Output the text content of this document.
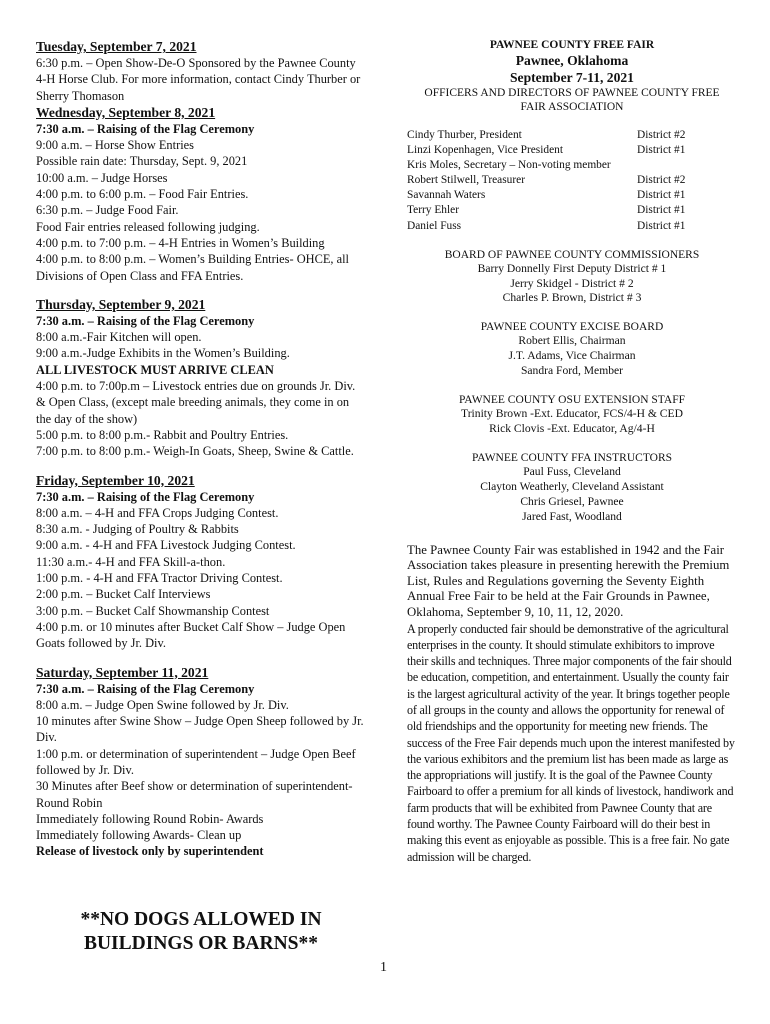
Tuesday, September 7, 2021
6:30 p.m. – Open Show-De-O Sponsored by the Pawnee County 4-H Horse Club. For more information, contact Cindy Thurber or Sherry Thomason
Wednesday, September 8, 2021
7:30 a.m. – Raising of the Flag Ceremony
9:00 a.m. – Horse Show Entries
Possible rain date: Thursday, Sept. 9, 2021
10:00 a.m. – Judge Horses
4:00 p.m. to 6:00 p.m. – Food Fair Entries.
6:30 p.m. – Judge Food Fair.
Food Fair entries released following judging.
4:00 p.m. to 7:00 p.m. – 4-H Entries in Women’s Building
4:00 p.m. to 8:00 p.m. – Women’s Building Entries- OHCE, all Divisions of Open Class and FFA Entries.
Thursday, September 9, 2021
7:30 a.m. – Raising of the Flag Ceremony
8:00 a.m.-Fair Kitchen will open.
9:00 a.m.-Judge Exhibits in the Women’s Building.
ALL LIVESTOCK MUST ARRIVE CLEAN
4:00 p.m. to 7:00p.m – Livestock entries due on grounds Jr. Div. & Open Class, (except male breeding animals, they come in on the day of the show)
5:00 p.m. to 8:00 p.m.- Rabbit and Poultry Entries.
7:00 p.m. to 8:00 p.m.- Weigh-In Goats, Sheep, Swine & Cattle.
Friday, September 10, 2021
7:30 a.m. – Raising of the Flag Ceremony
8:00 a.m. – 4-H and FFA Crops Judging Contest.
8:30 a.m. - Judging of Poultry & Rabbits
9:00 a.m. - 4-H and FFA Livestock Judging Contest.
11:30 a.m.- 4-H and FFA Skill-a-thon.
1:00 p.m. - 4-H and FFA Tractor Driving Contest.
2:00 p.m. – Bucket Calf Interviews
3:00 p.m. – Bucket Calf Showmanship Contest
4:00 p.m. or 10 minutes after Bucket Calf Show – Judge Open Goats followed by Jr. Div.
Saturday, September 11, 2021
7:30 a.m. – Raising of the Flag Ceremony
8:00 a.m. – Judge Open Swine followed by Jr. Div.
10 minutes after Swine Show – Judge Open Sheep followed by Jr. Div.
1:00 p.m. or determination of superintendent – Judge Open Beef followed by Jr. Div.
30 Minutes after Beef show or determination of superintendent- Round Robin
Immediately following Round Robin- Awards
Immediately following Awards- Clean up
Release of livestock only by superintendent
**NO DOGS ALLOWED IN BUILDINGS OR BARNS**
PAWNEE COUNTY FREE FAIR
Pawnee, Oklahoma
September 7-11, 2021
OFFICERS AND DIRECTORS OF PAWNEE COUNTY FREE FAIR ASSOCIATION
Cindy Thurber, President	District #2
Linzi Kopenhagen, Vice President	District #1
Kris Moles, Secretary – Non-voting member
Robert Stilwell, Treasurer	District #2
Savannah Waters	District #1
Terry Ehler	District #1
Daniel Fuss	District #1
BOARD OF PAWNEE COUNTY COMMISSIONERS
Barry Donnelly First Deputy District # 1
Jerry Skidgel - District # 2
Charles P. Brown, District # 3
PAWNEE COUNTY EXCISE BOARD
Robert Ellis, Chairman
J.T. Adams, Vice Chairman
Sandra Ford, Member
PAWNEE COUNTY OSU EXTENSION STAFF
Trinity Brown -Ext. Educator, FCS/4-H & CED
Rick Clovis -Ext. Educator, Ag/4-H
PAWNEE COUNTY FFA INSTRUCTORS
Paul Fuss, Cleveland
Clayton Weatherly, Cleveland Assistant
Chris Griesel, Pawnee
Jared Fast, Woodland
The Pawnee County Fair was established in 1942 and the Fair Association takes pleasure in presenting herewith the Premium List, Rules and Regulations governing the Seventy Eighth Annual Free Fair to be held at the Fair Grounds in Pawnee, Oklahoma, September 9, 10, 11, 12, 2020.
A properly conducted fair should be demonstrative of the agricultural enterprises in the county. It should stimulate exhibitors to improve their skills and techniques. Three major components of the fair should be education, competition, and entertainment. Usually the county fair is the largest agricultural activity of the year. It brings together people of all groups in the county and allows the opportunity for renewal of old friendships and the opportunity for meeting new friends. The success of the Free Fair depends much upon the interest manifested by the various exhibitors and the premium list has been made as large as the appropriations will justify. It is the goal of the Pawnee County Fairboard to offer a premium for all kinds of livestock, handiwork and farm products that will be exhibited from Pawnee County that are found worthy. The Pawnee County Fairboard will do their best in making this event as enjoyable as possible. This is a free fair. No gate admission will be charged.
1
